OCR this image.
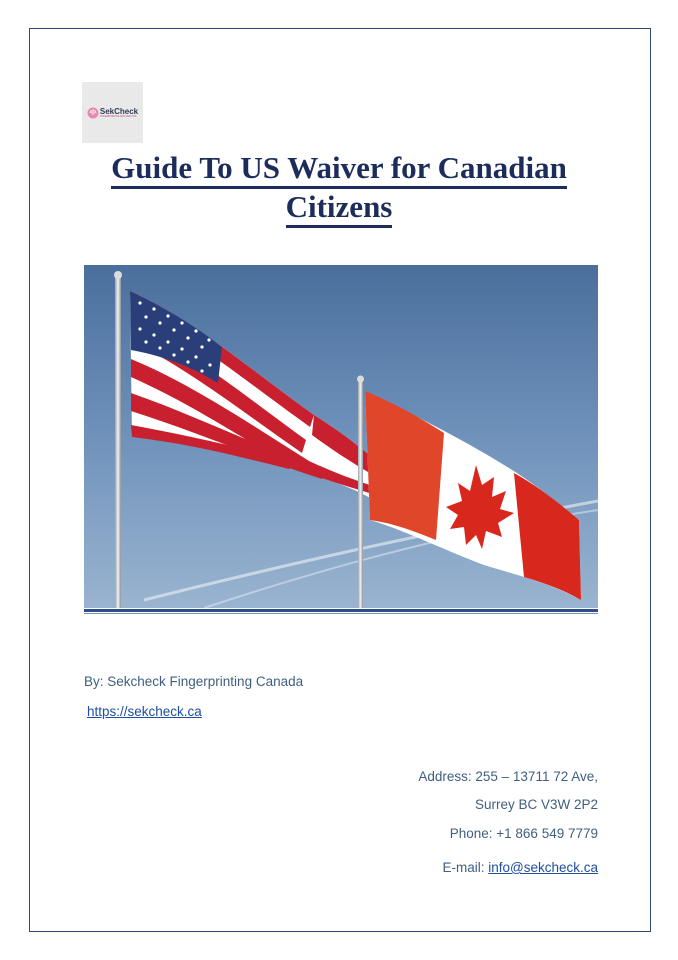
SekCheck
FINGERPRINTING AND ANALYSIS
Guide To US Waiver for Canadian
Citizens
By: Sekcheck Fingerprinting Canada
https://sekcheck.ca
Address: 255 – 13711 72 Ave,
Surrey BC V3W 2P2
Phone: +1 866 549 7779
E-mail: info@sekcheck.ca
